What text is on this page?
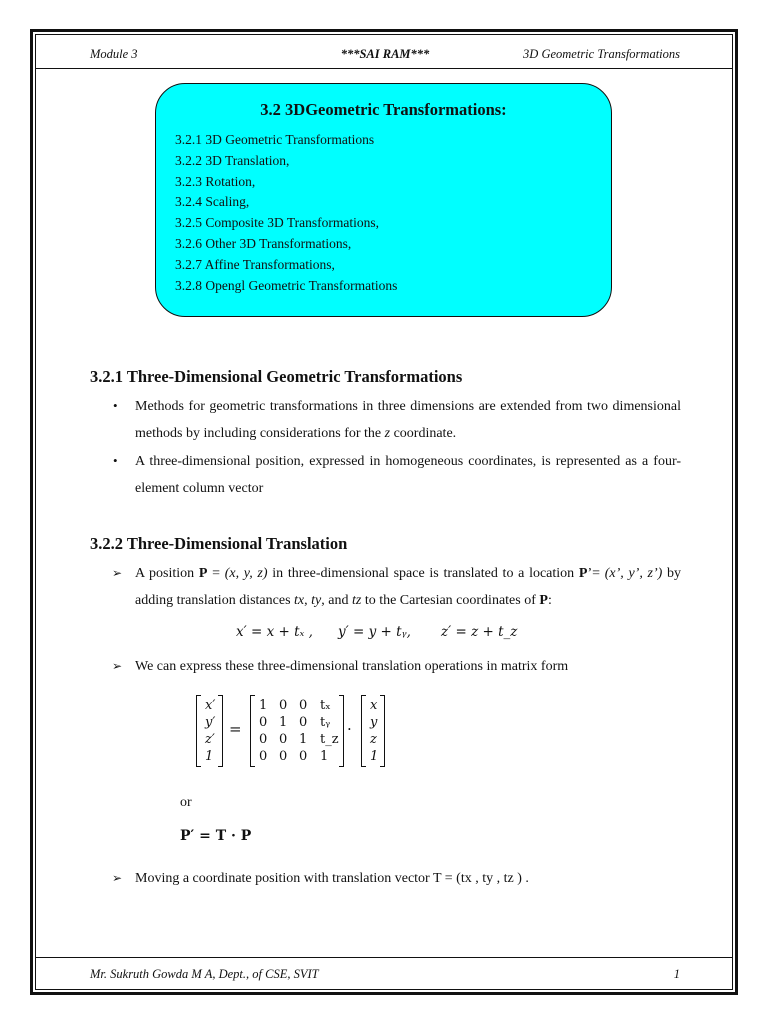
Module 3	***SAI RAM***	3D Geometric Transformations
3.2 3DGeometric Transformations:
3.2.1 3D Geometric Transformations
3.2.2 3D Translation,
3.2.3 Rotation,
3.2.4 Scaling,
3.2.5 Composite 3D Transformations,
3.2.6 Other 3D Transformations,
3.2.7 Affine Transformations,
3.2.8 Opengl Geometric Transformations
3.2.1 Three-Dimensional Geometric Transformations
• Methods for geometric transformations in three dimensions are extended from two dimensional methods by including considerations for the z coordinate.

• A three-dimensional position, expressed in homogeneous coordinates, is represented as a four-element column vector

3.2.2 Three-Dimensional Translation
➢ A position P = (x, y, z) in three-dimensional space is translated to a location P’= (x’, y’, z’) by adding translation distances tx, ty, and tz to the Cartesian coordinates of P:

x′ = x + tₓ , y′ = y + tᵧ, z′ = z + t_z
➢ We can express these three-dimensional translation operations in matrix form

x′
y′
z′
1
=
1 0 0 tₓ
0 1 0 tᵧ
0 0 1 t_z
0 0 0 1
·
x
y
z
1
or
P′ = T · P
➢ Moving a coordinate position with translation vector T = (tx , ty , tz ) .

Mr. Sukruth Gowda M A, Dept., of CSE, SVIT	1
